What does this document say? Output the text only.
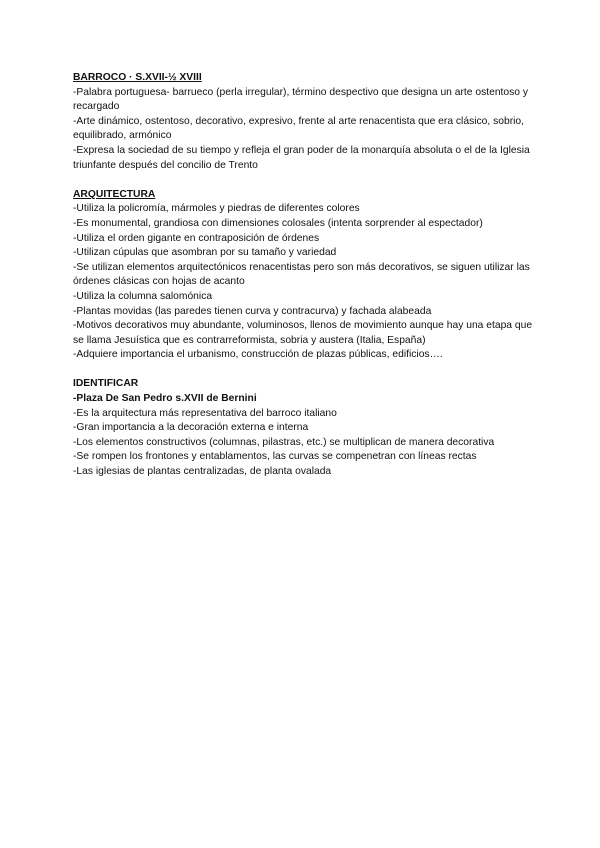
BARROCO · S.XVII-½ XVIII

-Palabra portuguesa- barrueco (perla irregular), término despectivo que designa un arte ostentoso y recargado

-Arte dinámico, ostentoso, decorativo, expresivo, frente al arte renacentista que era clásico, sobrio, equilibrado, armónico

-Expresa la sociedad de su tiempo y refleja el gran poder de la monarquía absoluta o el de la Iglesia triunfante después del concilio de Trento

ARQUITECTURA

-Utiliza la policromía, mármoles y piedras de diferentes colores

-Es monumental, grandiosa con dimensiones colosales (intenta sorprender al espectador)

-Utiliza el orden gigante en contraposición de órdenes

-Utilizan cúpulas que asombran por su tamaño y variedad

-Se utilizan elementos arquitectónicos renacentistas pero son más decorativos, se siguen utilizar las órdenes clásicas con hojas de acanto

-Utiliza la columna salomónica

-Plantas movidas (las paredes tienen curva y contracurva) y fachada alabeada

-Motivos decorativos muy abundante, voluminosos, llenos de movimiento aunque hay una etapa que se llama Jesuística que es contrarreformista, sobria y austera (Italia, España)

-Adquiere importancia el urbanismo, construcción de plazas públicas, edificios….

IDENTIFICAR

-Plaza De San Pedro s.XVII de Bernini

-Es la arquitectura más representativa del barroco italiano

-Gran importancia a la decoración externa e interna

-Los elementos constructivos (columnas, pilastras, etc.) se multiplican de manera decorativa

-Se rompen los frontones y entablamentos, las curvas se compenetran con líneas rectas

-Las iglesias de plantas centralizadas, de planta ovalada
